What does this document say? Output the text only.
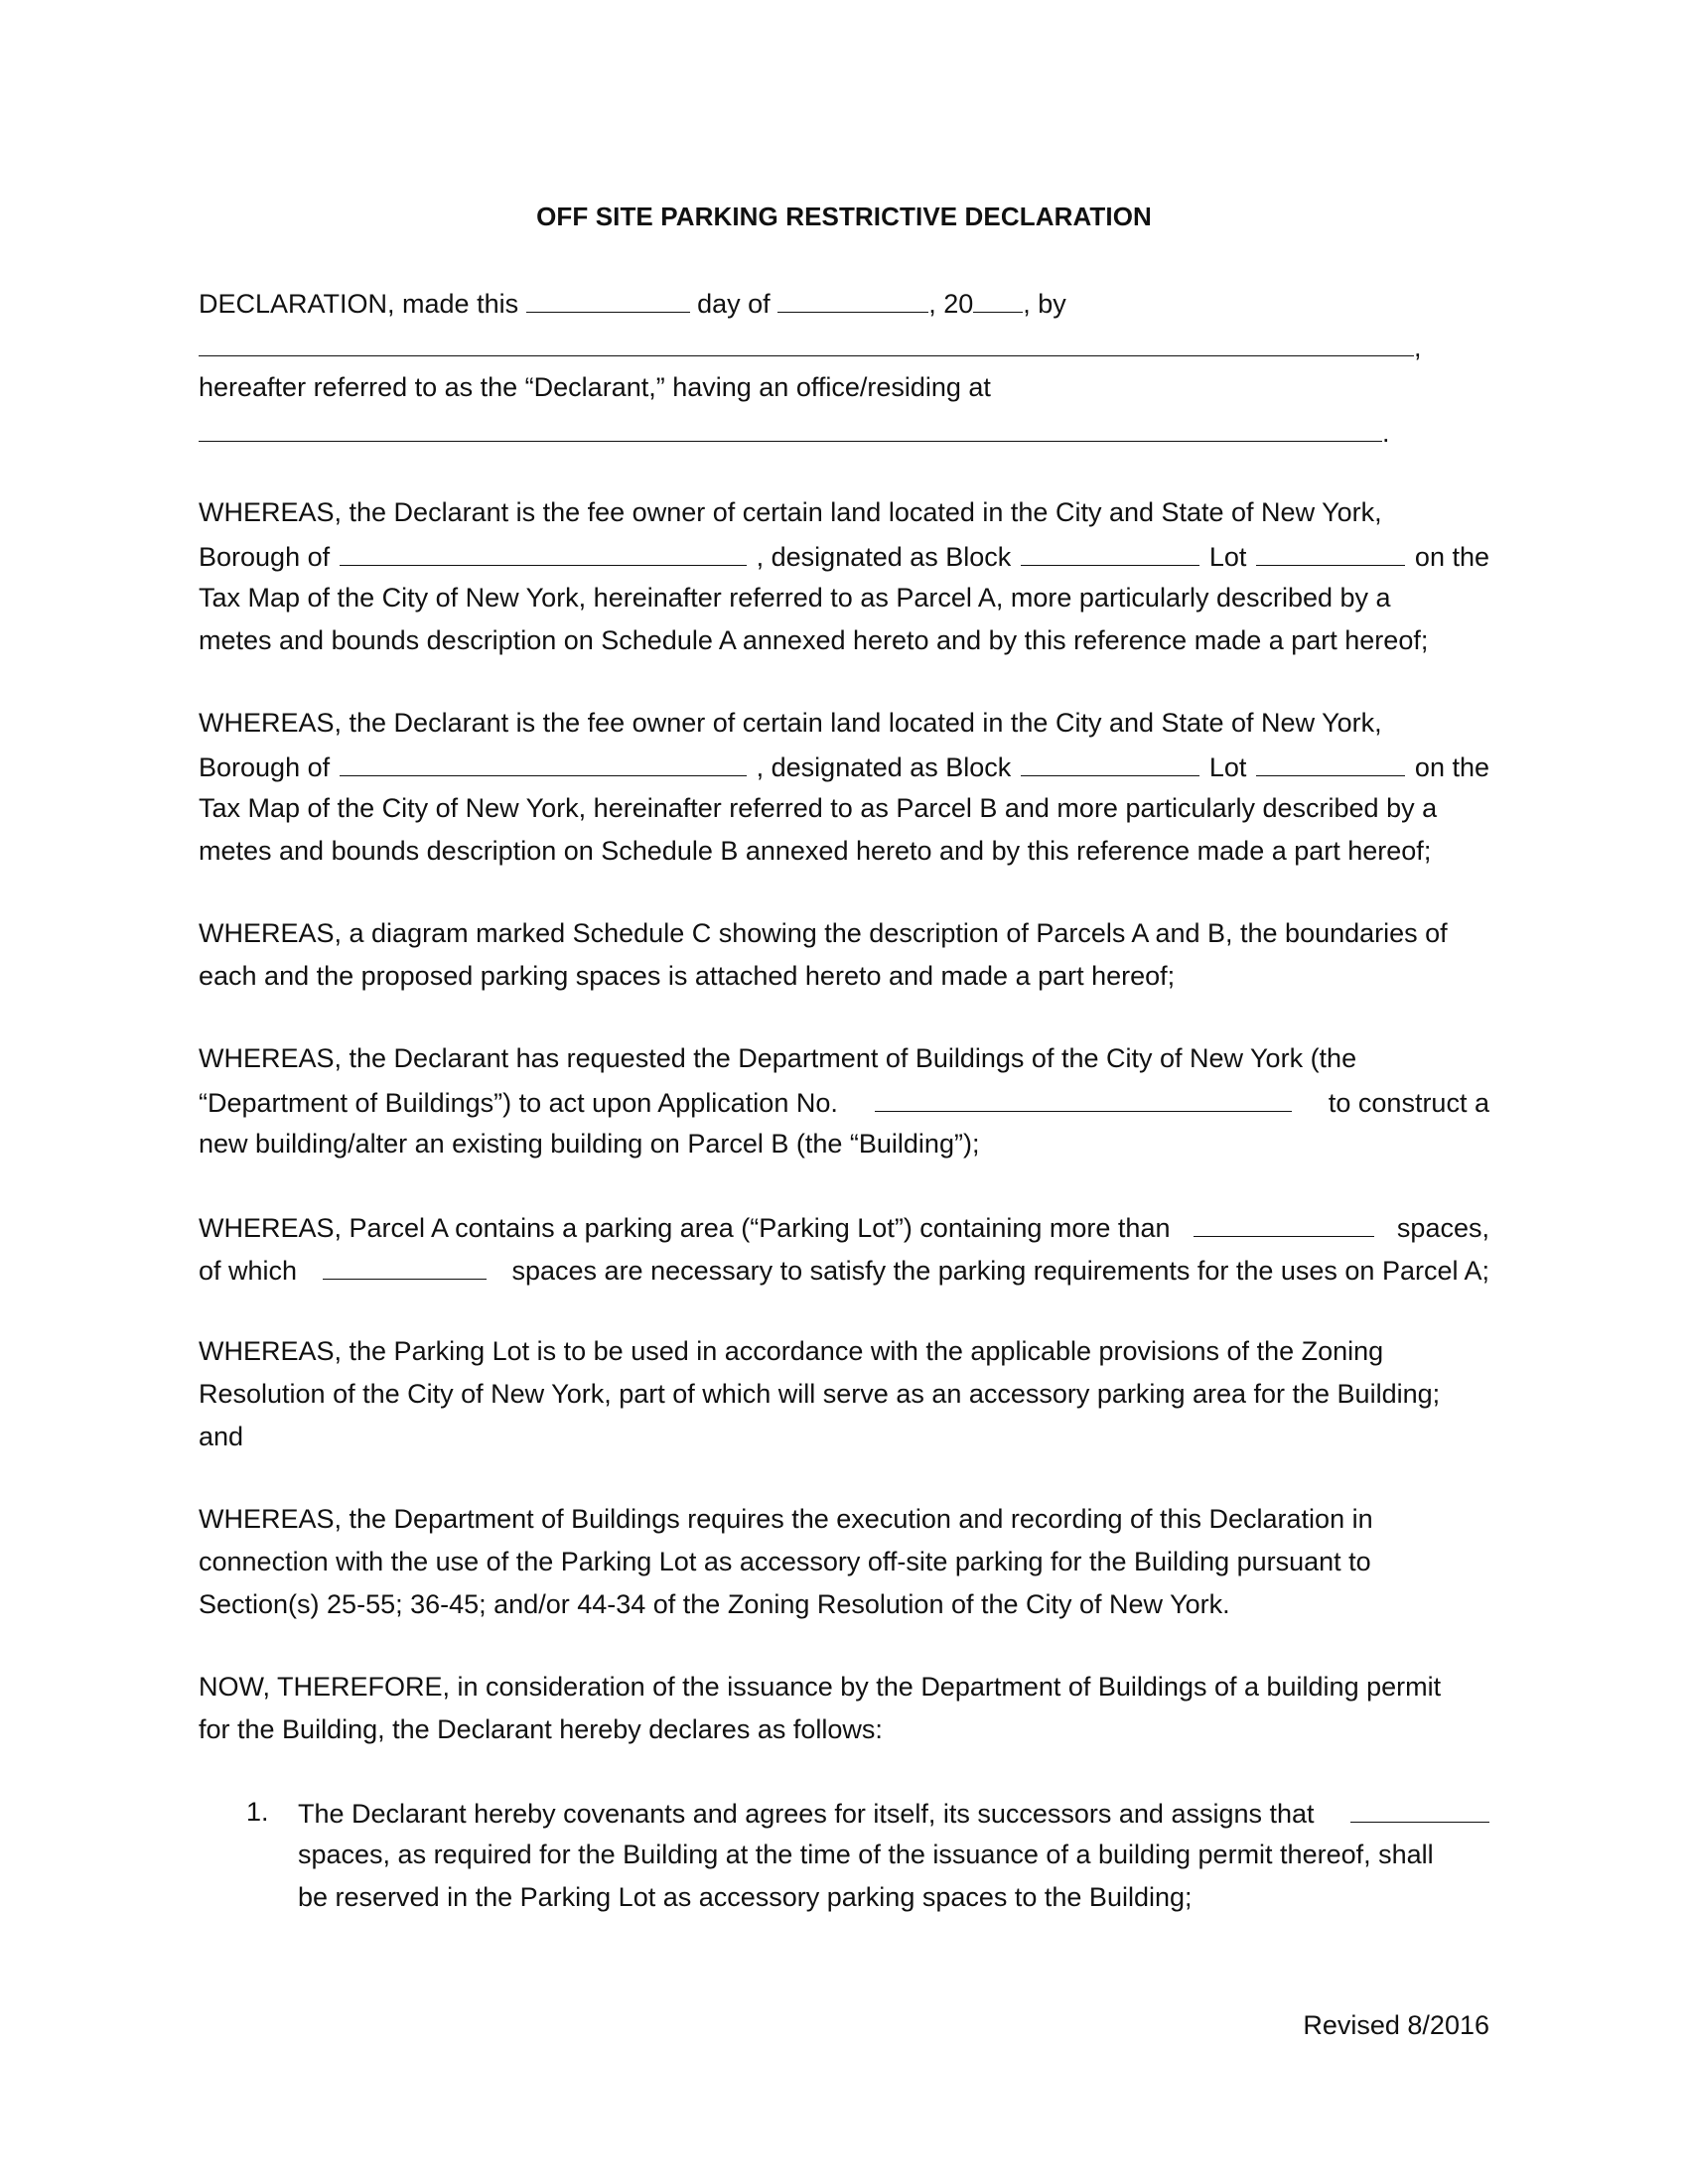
OFF SITE PARKING RESTRICTIVE DECLARATION
DECLARATION, made this	day of	, 20 , by
,
hereafter referred to as the “Declarant,” having an office/residing at
.
WHEREAS, the Declarant is the fee owner of certain land located in the City and State of New York,
Borough of	, designated as Block	Lot	on the
Tax Map of the City of New York, hereinafter referred to as Parcel A, more particularly described by a
metes and bounds description on Schedule A annexed hereto and by this reference made a part hereof;
WHEREAS, the Declarant is the fee owner of certain land located in the City and State of New York,
Borough of	, designated as Block	Lot	on the
Tax Map of the City of New York, hereinafter referred to as Parcel B and more particularly described by a
metes and bounds description on Schedule B annexed hereto and by this reference made a part hereof;
WHEREAS, a diagram marked Schedule C showing the description of Parcels A and B, the boundaries of
each and the proposed parking spaces is attached hereto and made a part hereof;
WHEREAS, the Declarant has requested the Department of Buildings of the City of New York (the
“Department of Buildings”) to act upon Application No.	to construct a
new building/alter an existing building on Parcel B (the “Building”);
WHEREAS, Parcel A contains a parking area (“Parking Lot”) containing more than	spaces,
of which	spaces are necessary to satisfy the parking requirements for the uses on Parcel A;
WHEREAS, the Parking Lot is to be used in accordance with the applicable provisions of the Zoning
Resolution of the City of New York, part of which will serve as an accessory parking area for the Building;
and
WHEREAS, the Department of Buildings requires the execution and recording of this Declaration in
connection with the use of the Parking Lot as accessory off-site parking for the Building pursuant to
Section(s) 25-55; 36-45; and/or 44-34 of the Zoning Resolution of the City of New York.
NOW, THEREFORE, in consideration of the issuance by the Department of Buildings of a building permit
for the Building, the Declarant hereby declares as follows:
1. The Declarant hereby covenants and agrees for itself, its successors and assigns that
spaces, as required for the Building at the time of the issuance of a building permit thereof, shall
be reserved in the Parking Lot as accessory parking spaces to the Building;
Revised 8/2016
